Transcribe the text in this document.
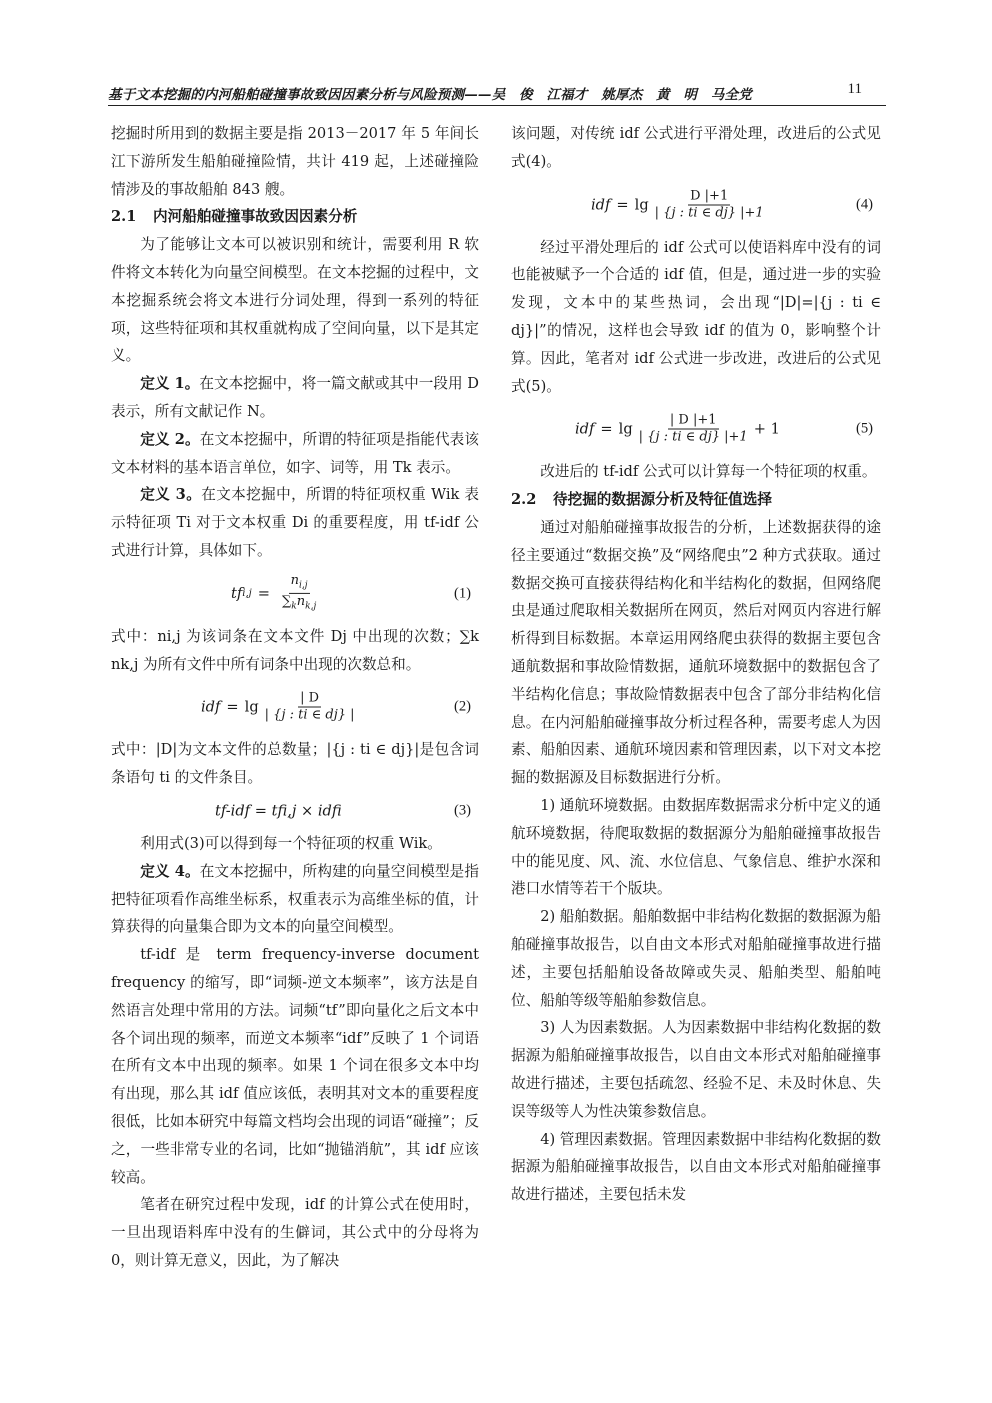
基于文本挖掘的内河船舶碰撞事故致因因素分析与风险预测——吴　俊　江福才　姚厚杰　黄　明　马全党	11

挖掘时所用到的数据主要是指 2013－2017 年 5 年间长江下游所发生船舶碰撞险情，共计 419 起，上述碰撞险情涉及的事故船舶 843 艘。

2.1 内河船舶碰撞事故致因因素分析

为了能够让文本可以被识别和统计，需要利用 R 软件将文本转化为向量空间模型。在文本挖掘的过程中，文本挖掘系统会将文本进行分词处理，得到一系列的特征项，这些特征项和其权重就构成了空间向量，以下是其定义。

定义 1。在文本挖掘中，将一篇文献或其中一段用 D 表示，所有文献记作 N。

定义 2。在文本挖掘中，所谓的特征项是指能代表该文本材料的基本语言单位，如字、词等，用 Tk 表示。

定义 3。在文本挖掘中，所谓的特征项权重 Wik 表示特征项 Ti 对于文本权重 Di 的重要程度，用 tf-idf 公式进行计算，具体如下。

tf $i,j = \frac{n_{i,j}}{\sum_kn_{k,j}}$	(1)

式中：ni,j 为该词条在文本文件 Dj 中出现的次数；∑k nk,j 为所有文件中所有词条中出现的次数总和。

idf = $\lg \frac{| D}{| \{j : ti \in dj\} |}$	(2)

式中：|D|为文本文件的总数量；|{j : ti ∈ dj}|是包含词条语句 ti 的文件条目。

tf-idf = tfi,j × idfi	(3)

利用式(3)可以得到每一个特征项的权重 Wik。

定义 4。在文本挖掘中，所构建的向量空间模型是指把特征项看作高维坐标系，权重表示为高维坐标的值，计算获得的向量集合即为文本的向量空间模型。

tf-idf 是 term frequency-inverse document frequency 的缩写，即“词频-逆文本频率”，该方法是自然语言处理中常用的方法。词频“tf”即向量化之后文本中各个词出现的频率，而逆文本频率“idf”反映了 1 个词语在所有文本中出现的频率。如果 1 个词在很多文本中均有出现，那么其 idf 值应该低，表明其对文本的重要程度很低，比如本研究中每篇文档均会出现的词语“碰撞”；反之，一些非常专业的名词，比如“抛锚消航”，其 idf 应该较高。

笔者在研究过程中发现，idf 的计算公式在使用时，一旦出现语料库中没有的生僻词，其公式中的分母将为 0，则计算无意义，因此，为了解决

该问题，对传统 idf 公式进行平滑处理，改进后的公式见式(4)。

idf = $\lg \frac{D |+1}{| \{j : ti \in dj\} |+1}$	(4)

经过平滑处理后的 idf 公式可以使语料库中没有的词也能被赋予一个合适的 idf 值，但是，通过进一步的实验发现，文本中的某些热词，会出现“|D|=|{j : ti ∈ dj}|”的情况，这样也会导致 idf 的值为 0，影响整个计算。因此，笔者对 idf 公式进一步改进，改进后的公式见式(5)。

idf = $\lg \frac{| D |+1}{| \{j : ti \in dj\} |+1} + 1$	(5)

改进后的 tf-idf 公式可以计算每一个特征项的权重。

2.2 待挖掘的数据源分析及特征值选择

通过对船舶碰撞事故报告的分析，上述数据获得的途径主要通过“数据交换”及“网络爬虫”2 种方式获取。通过数据交换可直接获得结构化和半结构化的数据，但网络爬虫是通过爬取相关数据所在网页，然后对网页内容进行解析得到目标数据。本章运用网络爬虫获得的数据主要包含通航数据和事故险情数据，通航环境数据中的数据包含了半结构化信息；事故险情数据表中包含了部分非结构化信息。在内河船舶碰撞事故分析过程各种，需要考虑人为因素、船舶因素、通航环境因素和管理因素，以下对文本挖掘的数据源及目标数据进行分析。

1) 通航环境数据。由数据库数据需求分析中定义的通航环境数据，待爬取数据的数据源分为船舶碰撞事故报告中的能见度、风、流、水位信息、气象信息、维护水深和港口水情等若干个版块。

2) 船舶数据。船舶数据中非结构化数据的数据源为船舶碰撞事故报告，以自由文本形式对船舶碰撞事故进行描述，主要包括船舶设备故障或失灵、船舶类型、船舶吨位、船舶等级等船舶参数信息。

3) 人为因素数据。人为因素数据中非结构化数据的数据源为船舶碰撞事故报告，以自由文本形式对船舶碰撞事故进行描述，主要包括疏忽、经验不足、未及时休息、失误等级等人为性决策参数信息。

4) 管理因素数据。管理因素数据中非结构化数据的数据源为船舶碰撞事故报告，以自由文本形式对船舶碰撞事故进行描述，主要包括未发
